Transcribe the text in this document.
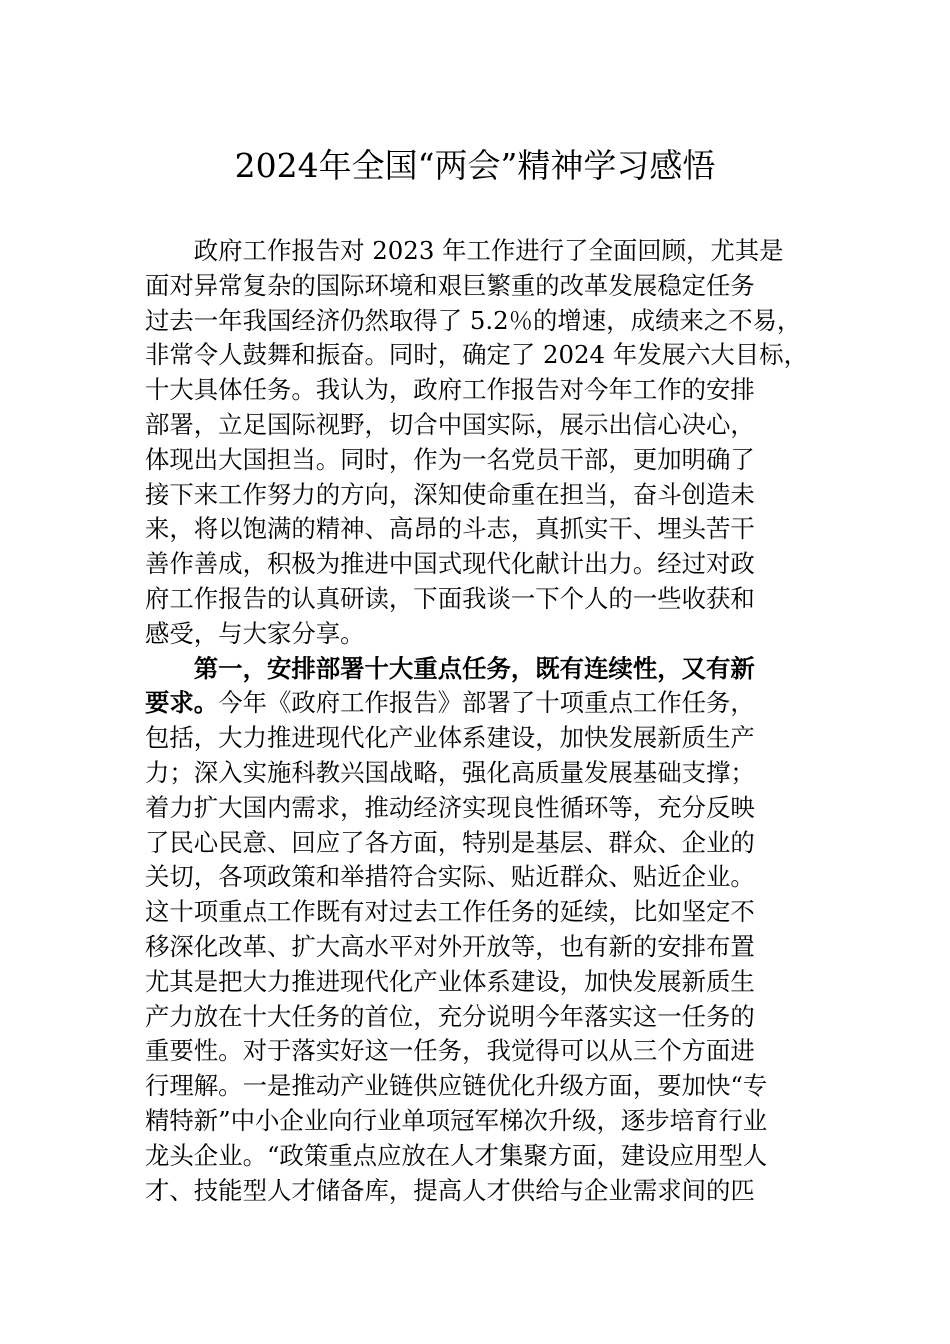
2024年全国“两会”精神学习感悟
　　政府工作报告对 2023 年工作进行了全面回顾，尤其是
面对异常复杂的国际环境和艰巨繁重的改革发展稳定任务
过去一年我国经济仍然取得了 5.2％的增速，成绩来之不易，
非常令人鼓舞和振奋。同时，确定了 2024 年发展六大目标，
十大具体任务。我认为，政府工作报告对今年工作的安排
部署，立足国际视野，切合中国实际，展示出信心决心，
体现出大国担当。同时，作为一名党员干部，更加明确了
接下来工作努力的方向，深知使命重在担当，奋斗创造未
来，将以饱满的精神、高昂的斗志，真抓实干、埋头苦干
善作善成，积极为推进中国式现代化献计出力。经过对政
府工作报告的认真研读，下面我谈一下个人的一些收获和
感受，与大家分享。
　　第一，安排部署十大重点任务，既有连续性，又有新
要求。今年《政府工作报告》部署了十项重点工作任务，
包括，大力推进现代化产业体系建设，加快发展新质生产
力；深入实施科教兴国战略，强化高质量发展基础支撑；
着力扩大国内需求，推动经济实现良性循环等，充分反映
了民心民意、回应了各方面，特别是基层、群众、企业的
关切，各项政策和举措符合实际、贴近群众、贴近企业。
这十项重点工作既有对过去工作任务的延续，比如坚定不
移深化改革、扩大高水平对外开放等，也有新的安排布置
尤其是把大力推进现代化产业体系建设，加快发展新质生
产力放在十大任务的首位，充分说明今年落实这一任务的
重要性。对于落实好这一任务，我觉得可以从三个方面进
行理解。一是推动产业链供应链优化升级方面，要加快“专
精特新”中小企业向行业单项冠军梯次升级，逐步培育行业
龙头企业。“政策重点应放在人才集聚方面，建设应用型人
才、技能型人才储备库，提高人才供给与企业需求间的匹
